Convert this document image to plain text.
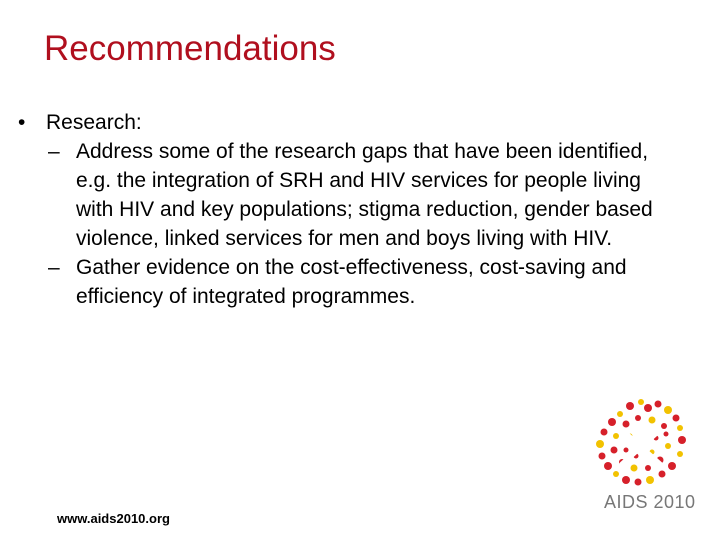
Recommendations
• Research:
– Address some of the research gaps that have been identified, e.g. the integration of SRH and HIV services for people living with HIV and key populations; stigma reduction, gender based violence, linked services for men and boys living with HIV.
– Gather evidence on the cost-effectiveness, cost-saving and efficiency of integrated programmes.
www.aids2010.org
AIDS 2010
